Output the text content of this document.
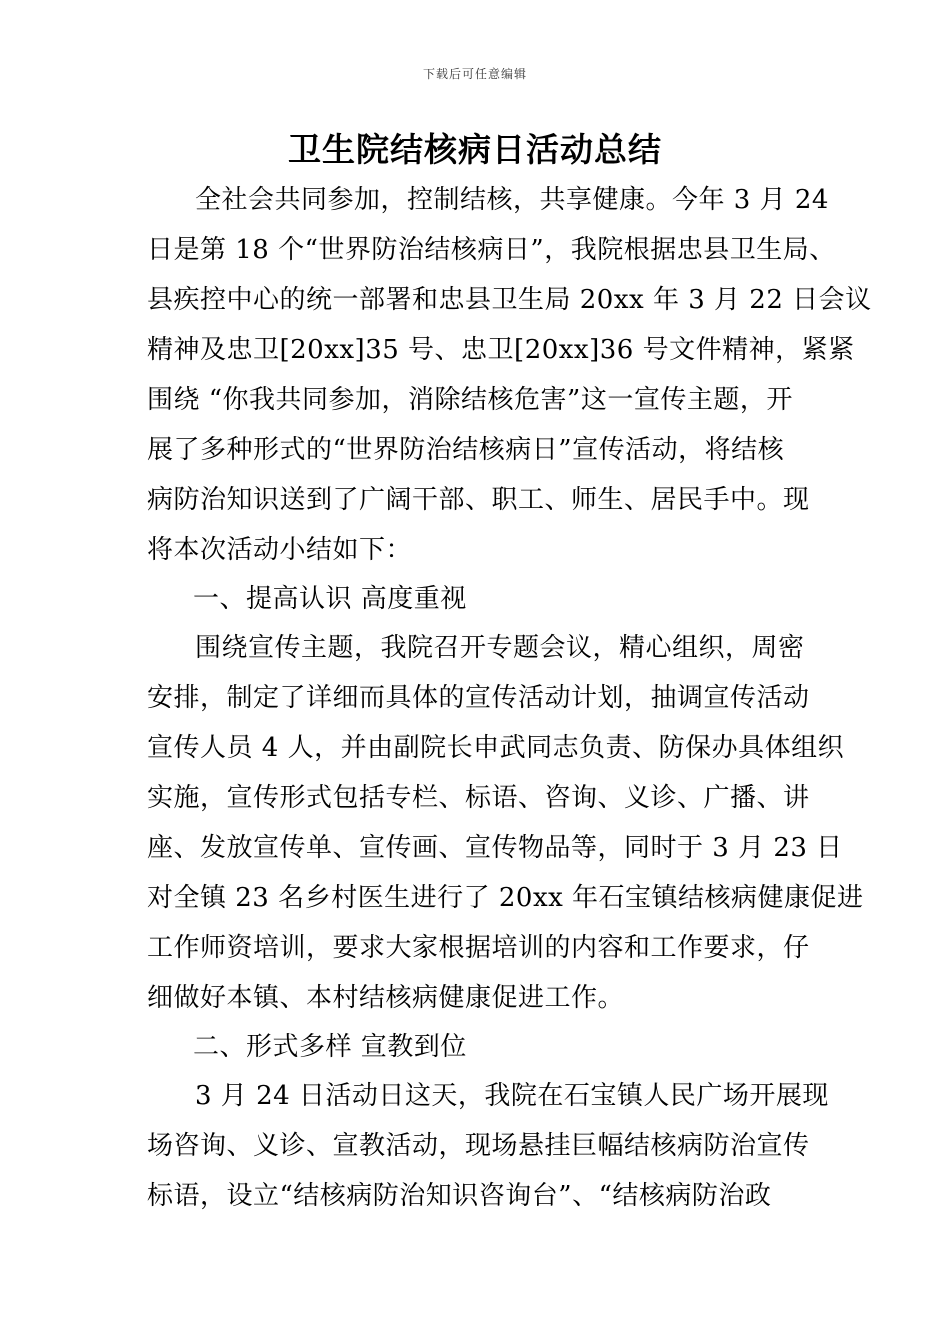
下载后可任意编辑
卫生院结核病日活动总结
全社会共同参加，控制结核，共享健康。今年 3 月 24
日是第 18 个“世界防治结核病日”，我院根据忠县卫生局、
县疾控中心的统一部署和忠县卫生局 20xx 年 3 月 22 日会议
精神及忠卫[20xx]35 号、忠卫[20xx]36 号文件精神，紧紧
围绕 “你我共同参加，消除结核危害”这一宣传主题，开
展了多种形式的“世界防治结核病日”宣传活动，将结核
病防治知识送到了广阔干部、职工、师生、居民手中。现
将本次活动小结如下：
一、提高认识 高度重视
围绕宣传主题，我院召开专题会议，精心组织，周密
安排，制定了详细而具体的宣传活动计划，抽调宣传活动
宣传人员 4 人，并由副院长申武同志负责、防保办具体组织
实施，宣传形式包括专栏、标语、咨询、义诊、广播、讲
座、发放宣传单、宣传画、宣传物品等，同时于 3 月 23 日
对全镇 23 名乡村医生进行了 20xx 年石宝镇结核病健康促进
工作师资培训，要求大家根据培训的内容和工作要求，仔
细做好本镇、本村结核病健康促进工作。
二、形式多样 宣教到位
3 月 24 日活动日这天，我院在石宝镇人民广场开展现
场咨询、义诊、宣教活动，现场悬挂巨幅结核病防治宣传
标语，设立“结核病防治知识咨询台”、“结核病防治政
